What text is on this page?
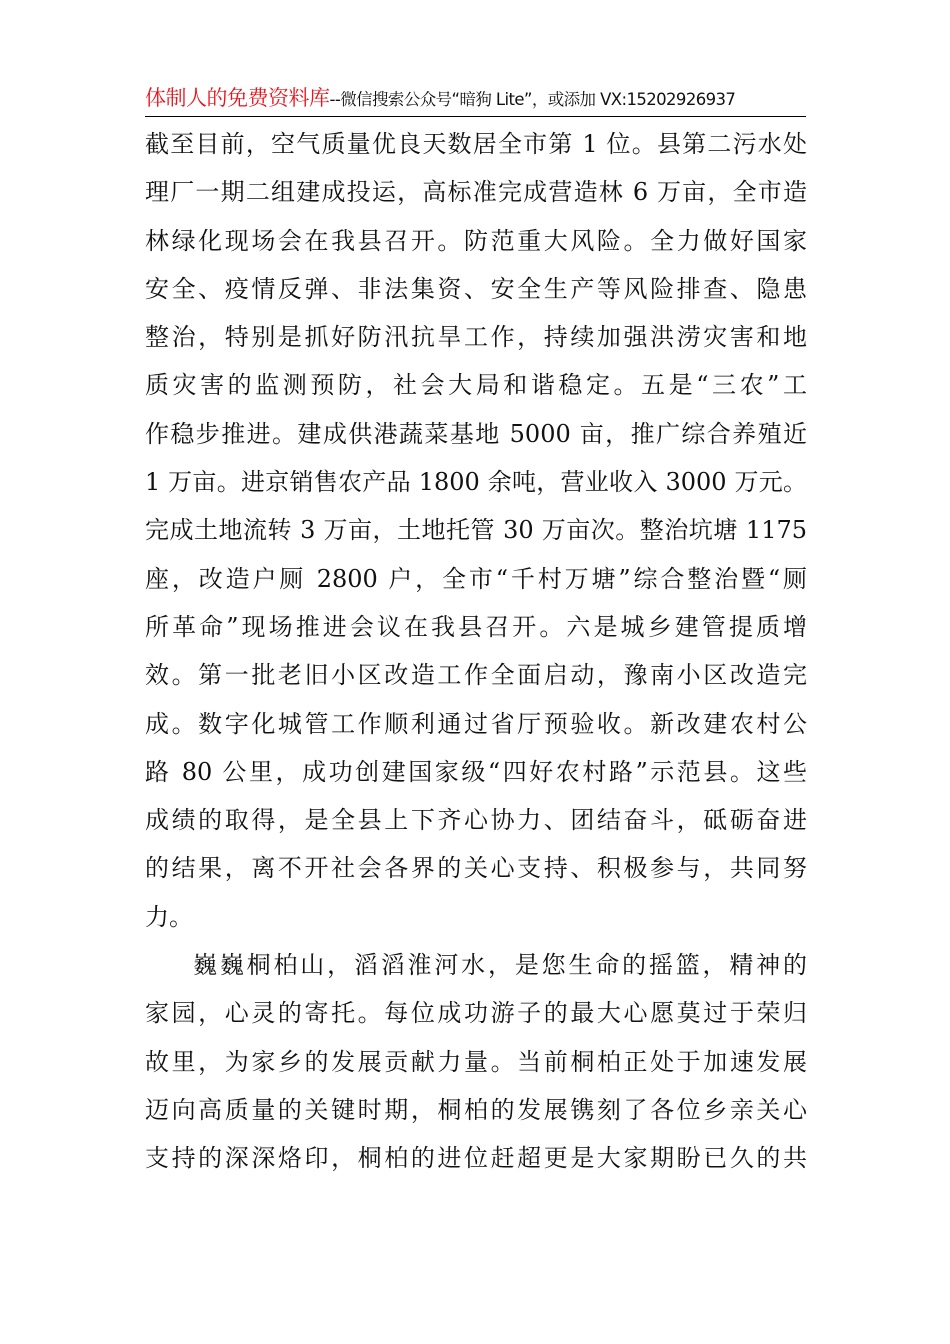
体制人的免费资料库--微信搜索公众号“暗狗 Lite”，或添加 VX:15202926937
截至目前，空气质量优良天数居全市第 1 位。县第二污水处
理厂一期二组建成投运，高标准完成营造林 6 万亩，全市造
林绿化现场会在我县召开。防范重大风险。全力做好国家
安全、疫情反弹、非法集资、安全生产等风险排查、隐患
整治，特别是抓好防汛抗旱工作，持续加强洪涝灾害和地
质灾害的监测预防，社会大局和谐稳定。五是“三农”工
作稳步推进。建成供港蔬菜基地 5000 亩，推广综合养殖近
1 万亩。进京销售农产品 1800 余吨，营业收入 3000 万元。
完成土地流转 3 万亩，土地托管 30 万亩次。整治坑塘 1175
座，改造户厕 2800 户，全市“千村万塘”综合整治暨“厕
所革命”现场推进会议在我县召开。六是城乡建管提质增
效。第一批老旧小区改造工作全面启动，豫南小区改造完
成。数字化城管工作顺利通过省厅预验收。新改建农村公
路 80 公里，成功创建国家级“四好农村路”示范县。这些
成绩的取得，是全县上下齐心协力、团结奋斗，砥砺奋进
的结果，离不开社会各界的关心支持、积极参与，共同努
力。
巍巍桐柏山，滔滔淮河水，是您生命的摇篮，精神的
家园，心灵的寄托。每位成功游子的最大心愿莫过于荣归
故里，为家乡的发展贡献力量。当前桐柏正处于加速发展
迈向高质量的关键时期，桐柏的发展镌刻了各位乡亲关心
支持的深深烙印，桐柏的进位赶超更是大家期盼已久的共
